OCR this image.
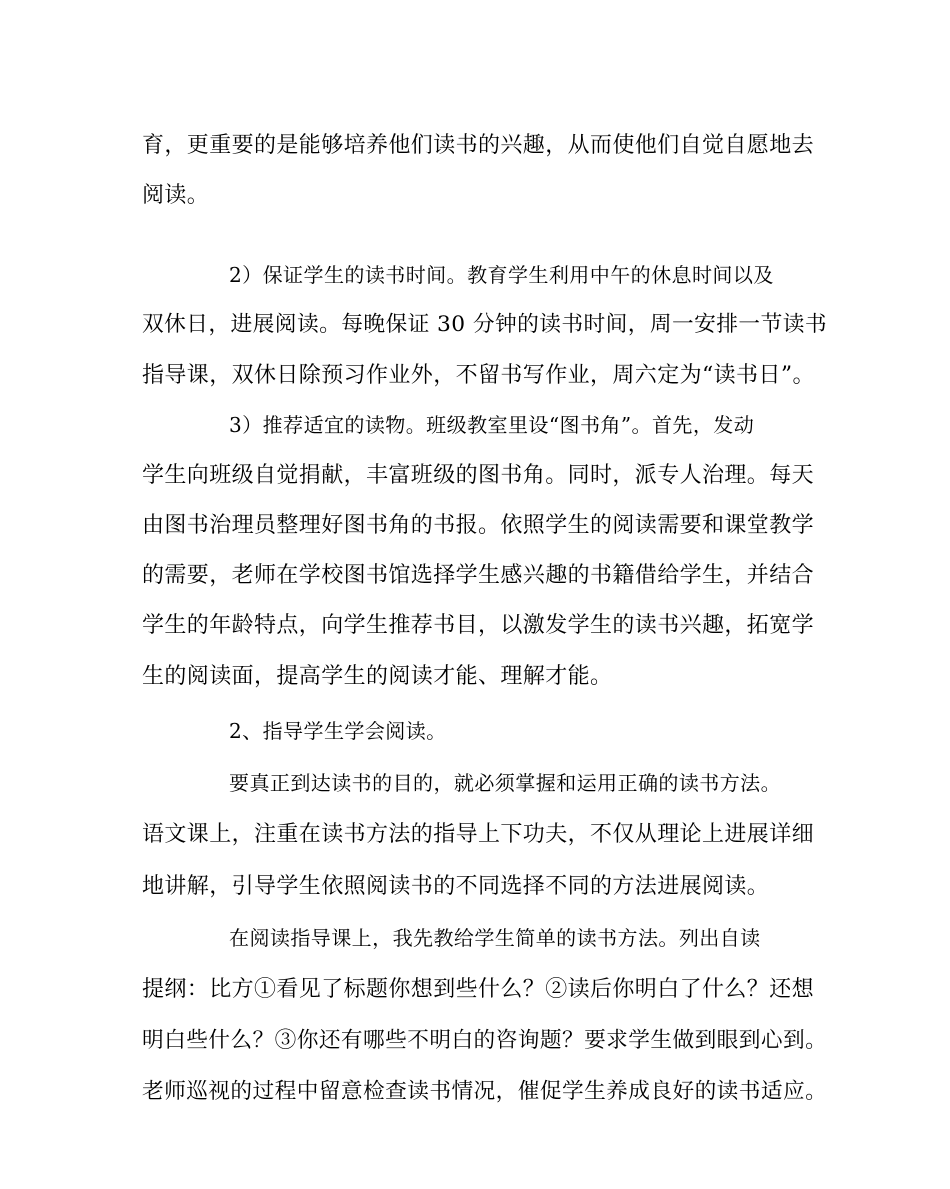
育，更重要的是能够培养他们读书的兴趣，从而使他们自觉自愿地去
阅读。
2）保证学生的读书时间。教育学生利用中午的休息时间以及
双休日，进展阅读。每晚保证 30 分钟的读书时间，周一安排一节读书
指导课，双休日除预习作业外，不留书写作业，周六定为“读书日”。
3）推荐适宜的读物。班级教室里设“图书角”。首先，发动
学生向班级自觉捐献，丰富班级的图书角。同时，派专人治理。每天
由图书治理员整理好图书角的书报。依照学生的阅读需要和课堂教学
的需要，老师在学校图书馆选择学生感兴趣的书籍借给学生，并结合
学生的年龄特点，向学生推荐书目，以激发学生的读书兴趣，拓宽学
生的阅读面，提高学生的阅读才能、理解才能。
2、指导学生学会阅读。
要真正到达读书的目的，就必须掌握和运用正确的读书方法。
语文课上，注重在读书方法的指导上下功夫，不仅从理论上进展详细
地讲解，引导学生依照阅读书的不同选择不同的方法进展阅读。
在阅读指导课上，我先教给学生简单的读书方法。列出自读
提纲：比方①看见了标题你想到些什么？②读后你明白了什么？还想
明白些什么？③你还有哪些不明白的咨询题？要求学生做到眼到心到。
老师巡视的过程中留意检查读书情况，催促学生养成良好的读书适应。
